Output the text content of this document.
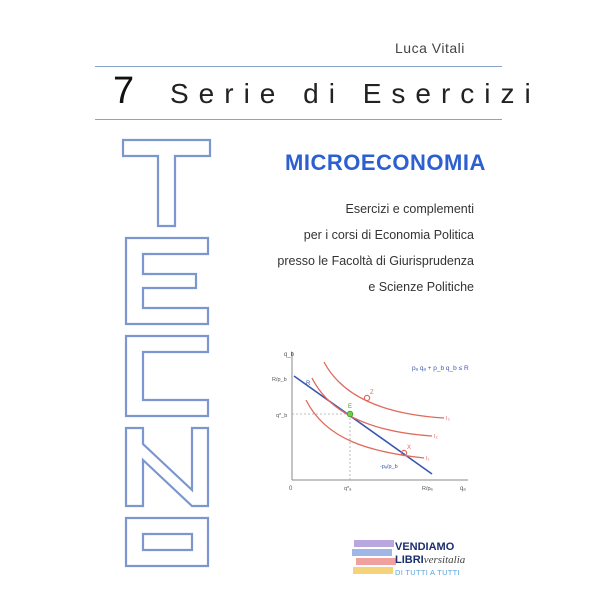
Luca Vitali
7 Serie di Esercizi
TECNO
MICROECONOMIA
Esercizi e complementi
per i corsi di Economia Politica
presso le Facoltà di Giurisprudenza
e Scienze Politiche
q_b
qₐ
0
q*_b
q*ₐ
R/p_b
R/pₐ
R
-pₐ/p_b
I₃
I₂
I₁
Z
E
X
pₐ qₐ + p_b q_b ≤ R
VENDIAMO
LIBRIversitalia
DI TUTTI A TUTTI
